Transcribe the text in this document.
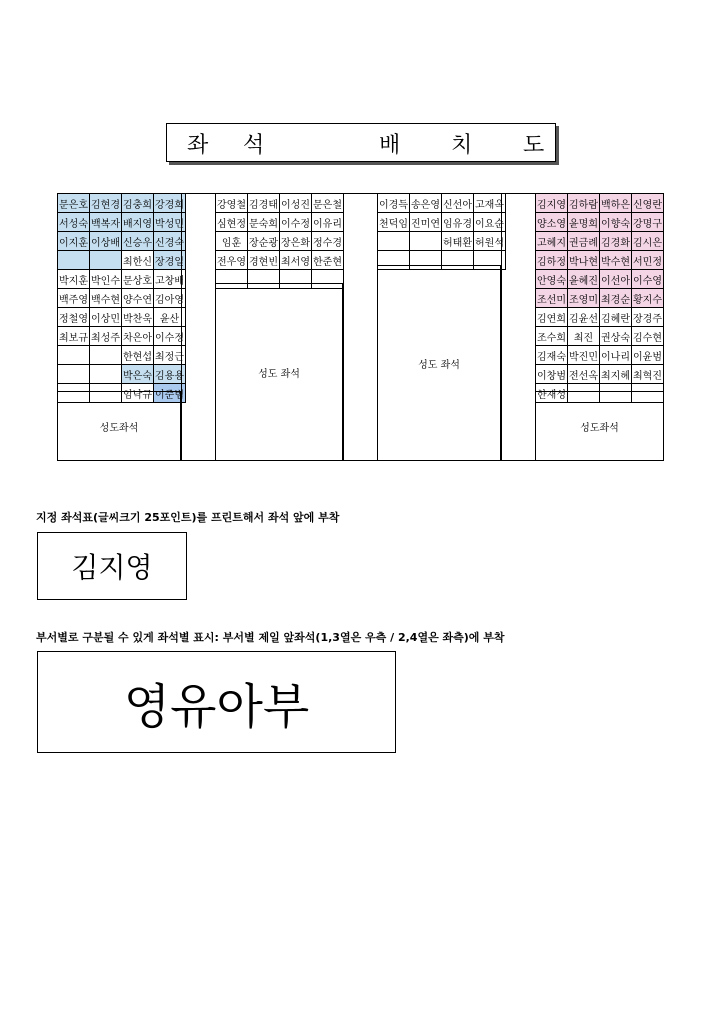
좌 석	배 치 도
문은호	김현경	김충희	강경희
서성숙	백복자	배지영	박성민
이지훈	이상배	신승우	신경숙
		최한신	장경일
박지훈	박인수	문상호	고창배
백주영	백수현	양수연	김아영
정철영	이상민	박찬욱	윤산
최보규	최성주	차은아	이수정
		한현섭	최정근
		박은숙	김용용
		임낙규	이준범
성도좌석
강영철	김경태	이성진	문은철
심현정	문숙희	이수정	이유리
임훈	장순광	장은화	정수경
전우영	경현빈	최서영	한준현

성도 좌석
이경득	송은영	신선아	고재옥
천덕임	진미연	임유경	이요순
		허태환	허원석

성도 좌석
김지영	김하람	백하은	신영란
양소영	윤명희	이향숙	강명구
고혜지	권금례	김경화	김시은
김하정	박나현	박수현	서민정
안영숙	윤혜진	이선아	이수영
조선미	조영미	최경순	황지수
김연희	김윤선	김혜란	장경주
조수희	최진	권상숙	김수현
김재숙	박진민	이나리	이윤범
이창범	전선옥	최지혜	최혁진
한재성			
성도좌석
지정 좌석표(글씨크기 25포인트)를 프린트해서 좌석 앞에 부착
김지영
부서별로 구분될 수 있게 좌석별 표시: 부서별 제일 앞좌석(1,3열은 우측 / 2,4열은 좌측)에 부착
영유아부
